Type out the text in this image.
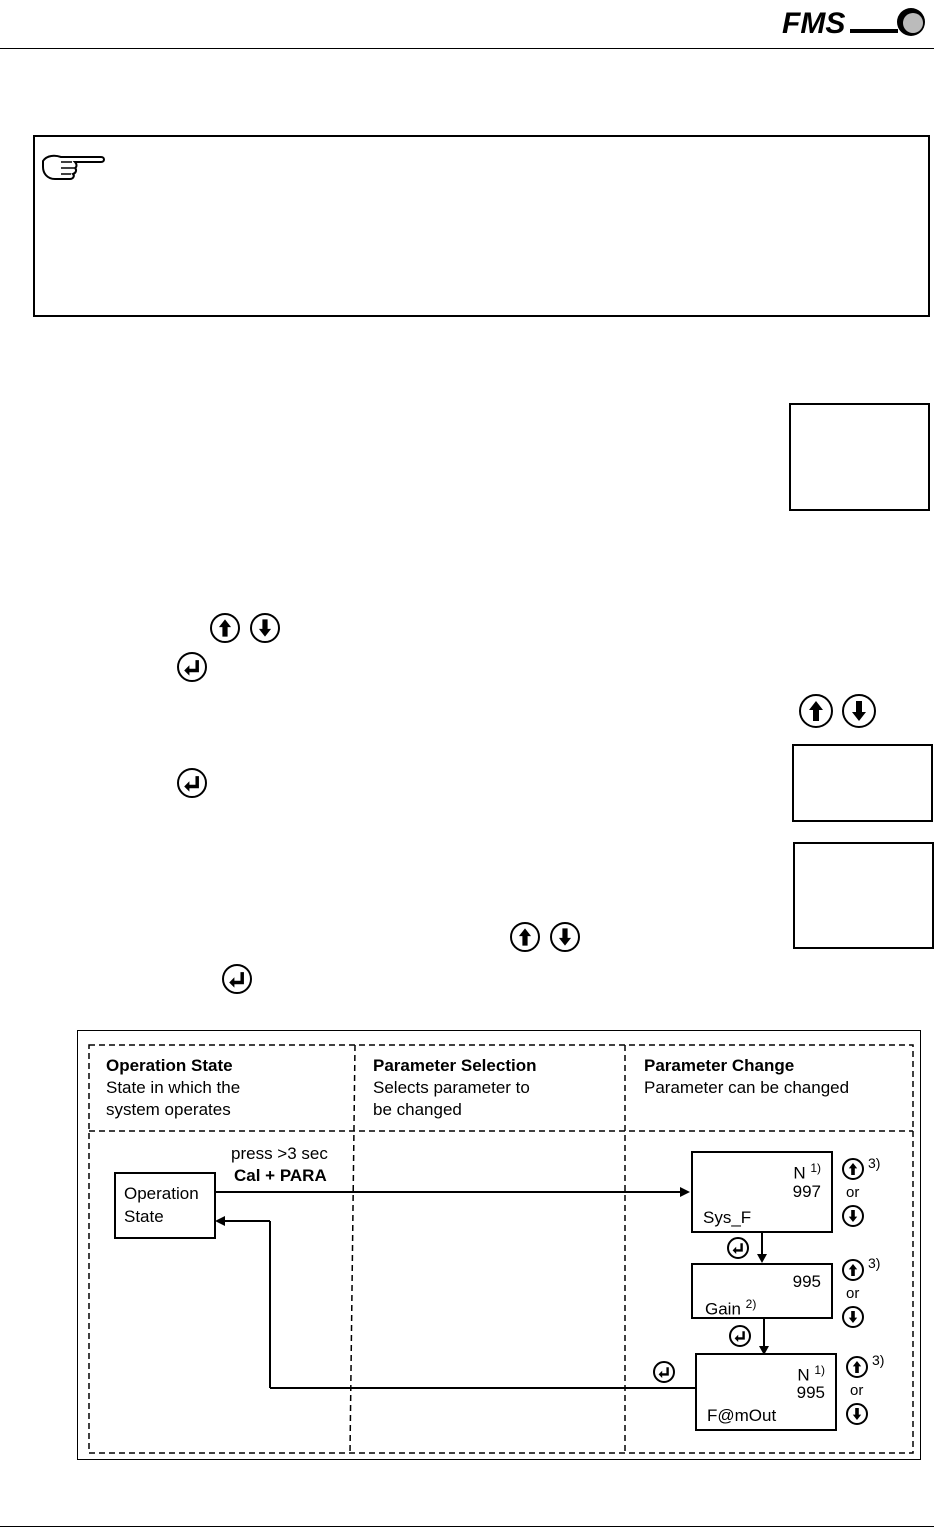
FMS
Operation State
State in which the
system operates
Parameter Selection
Selects parameter to
be changed
Parameter Change
Parameter can be changed
Operation
State
press >3 sec
Cal + PARA	N $^{1)}$
997
Sys_F
3)
or
995
Gain $^{2)}$
3)
or
N $^{1)}$
995
F@mOut
3)
or
